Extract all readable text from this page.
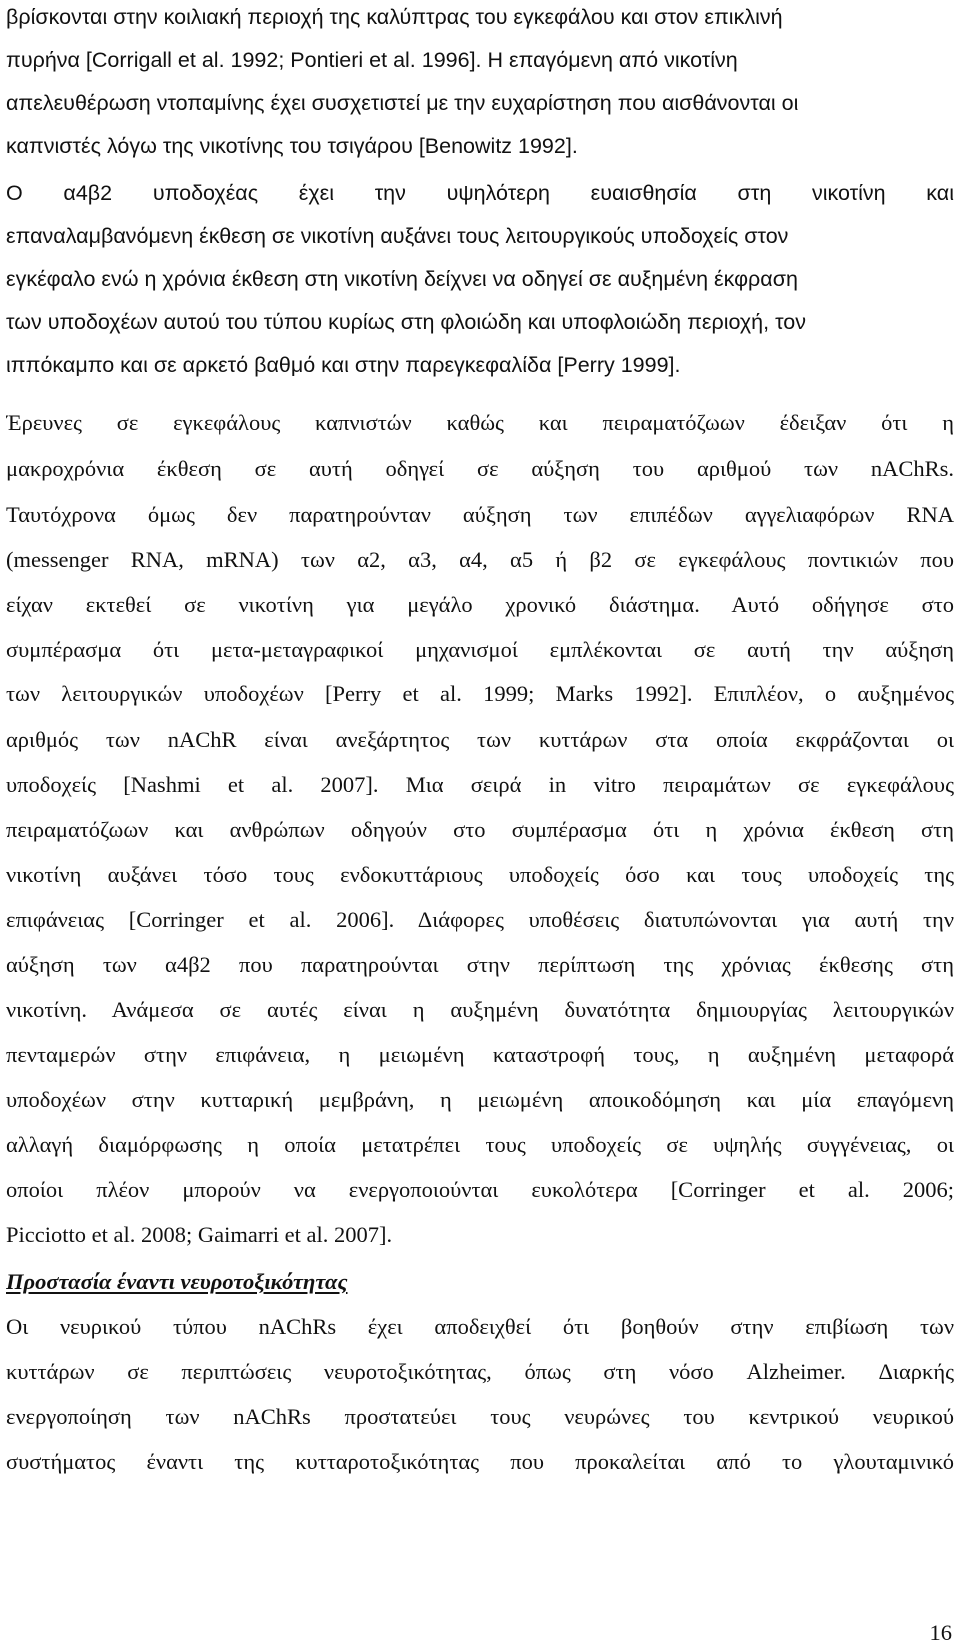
βρίσκονται στην κοιλιακή περιοχή της καλύπτρας του εγκεφάλου και στον επικλινή
πυρήνα [Corrigall et al. 1992; Pontieri et al. 1996]. Η επαγόμενη από νικοτίνη
απελευθέρωση ντοπαμίνης έχει συσχετιστεί με την ευχαρίστηση που αισθάνονται οι
καπνιστές λόγω της νικοτίνης του τσιγάρου [Benowitz 1992].
Ο α4β2 υποδοχέας έχει την υψηλότερη ευαισθησία στη νικοτίνη και
επαναλαμβανόμενη έκθεση σε νικοτίνη αυξάνει τους λειτουργικούς υποδοχείς στον
εγκέφαλο ενώ η χρόνια έκθεση στη νικοτίνη δείχνει να οδηγεί σε αυξημένη έκφραση
των υποδοχέων αυτού του τύπου κυρίως στη φλοιώδη και υποφλοιώδη περιοχή, τον
ιππόκαμπο και σε αρκετό βαθμό και στην παρεγκεφαλίδα [Perry 1999].
Έρευνες σε εγκεφάλους καπνιστών καθώς και πειραματόζωων έδειξαν ότι η
μακροχρόνια έκθεση σε αυτή οδηγεί σε αύξηση του αριθμού των nAChRs.
Ταυτόχρονα όμως δεν παρατηρούνταν αύξηση των επιπέδων αγγελιαφόρων RNA
(messenger RNA, mRNA) των α2, α3, α4, α5 ή β2 σε εγκεφάλους ποντικιών που
είχαν εκτεθεί σε νικοτίνη για μεγάλο χρονικό διάστημα. Αυτό οδήγησε στο
συμπέρασμα ότι μετα-μεταγραφικοί μηχανισμοί εμπλέκονται σε αυτή την αύξηση
των λειτουργικών υποδοχέων [Perry et al. 1999; Marks 1992]. Επιπλέον, ο αυξημένος
αριθμός των nAChR είναι ανεξάρτητος των κυττάρων στα οποία εκφράζονται οι
υποδοχείς [Nashmi et al. 2007]. Μια σειρά in vitro πειραμάτων σε εγκεφάλους
πειραματόζωων και ανθρώπων οδηγούν στο συμπέρασμα ότι η χρόνια έκθεση στη
νικοτίνη αυξάνει τόσο τους ενδοκυττάριους υποδοχείς όσο και τους υποδοχείς της
επιφάνειας [Corringer et al. 2006]. Διάφορες υποθέσεις διατυπώνονται για αυτή την
αύξηση των α4β2 που παρατηρούνται στην περίπτωση της χρόνιας έκθεσης στη
νικοτίνη. Ανάμεσα σε αυτές είναι η αυξημένη δυνατότητα δημιουργίας λειτουργικών
πενταμερών στην επιφάνεια, η μειωμένη καταστροφή τους, η αυξημένη μεταφορά
υποδοχέων στην κυτταρική μεμβράνη, η μειωμένη αποικοδόμηση και μία επαγόμενη
αλλαγή διαμόρφωσης η οποία μετατρέπει τους υποδοχείς σε υψηλής συγγένειας, οι
οποίοι πλέον μπορούν να ενεργοποιούνται ευκολότερα [Corringer et al. 2006;
Picciotto et al. 2008; Gaimarri et al. 2007].
Προστασία έναντι νευροτοξικότητας
Οι νευρικού τύπου nAChRs έχει αποδειχθεί ότι βοηθούν στην επιβίωση των
κυττάρων σε περιπτώσεις νευροτοξικότητας, όπως στη νόσο Alzheimer. Διαρκής
ενεργοποίηση των nAChRs προστατεύει τους νευρώνες του κεντρικού νευρικού
συστήματος έναντι της κυτταροτοξικότητας που προκαλείται από το γλουταμινικό
16
